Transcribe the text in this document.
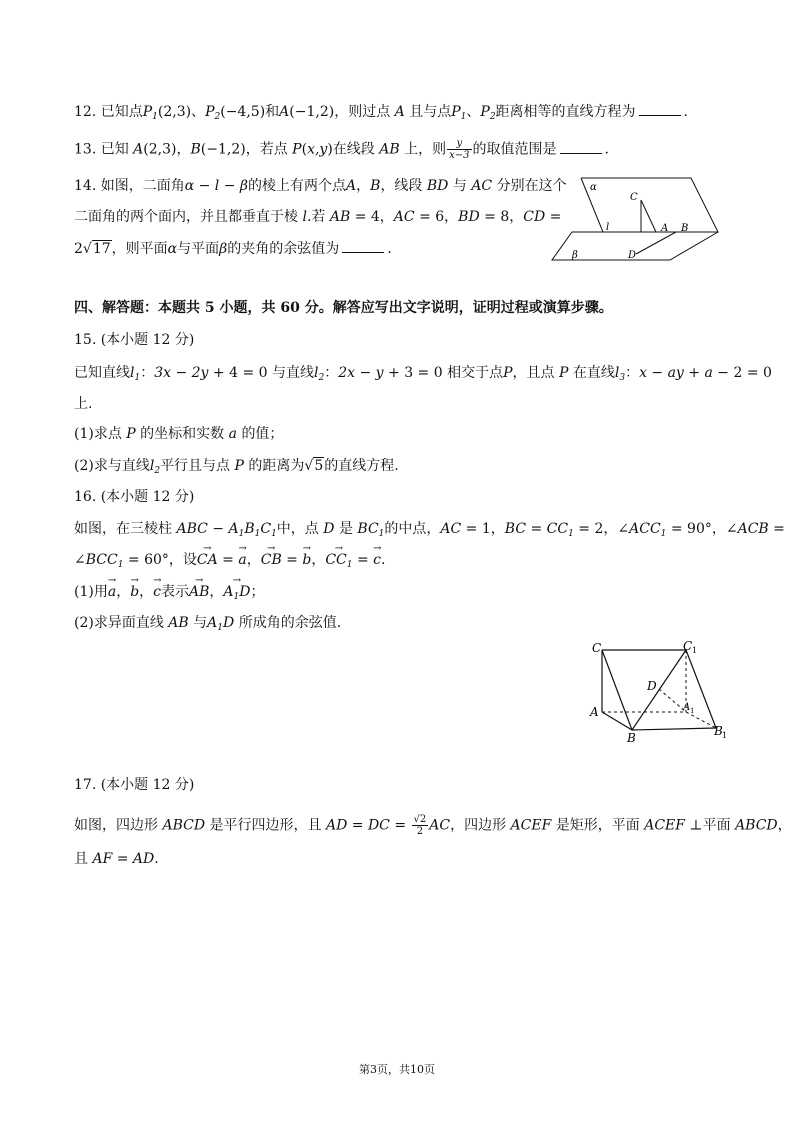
12. 已知点$P_1(2,3)$、$P_2(-4,5)$和A(−1,2)，则过点 A 且与点$P_1$、$P_2$距离相等的直线方程为	.
13. 已知 A(2,3)，B(−1,2)，若点 P(x,y)在线段 AB 上，则 $\frac{y}{x-3}$ 的取值范围是	.
14. 如图，二面角α − l − β的棱上有两个点A，B，线段 BD 与 AC 分别在这个
二面角的两个面内，并且都垂直于棱 l.若 AB = 4，AC = 6，BD = 8，CD =
2√17，则平面α与平面β的夹角的余弦值为	.
α
C
l	A B
β	D
四、解答题：本题共 5 小题，共 60 分。解答应写出文字说明，证明过程或演算步骤。
15. (本小题 12 分)
已知直线$l_1$：3x − 2y + 4 = 0 与直线$l_2$：2x − y + 3 = 0 相交于点P，且点 P 在直线$l_3$：x − ay + a − 2 = 0
上.
(1)求点 P 的坐标和实数 a 的值；
(2)求与直线$l_2$平行且与点 P 的距离为√5的直线方程.
16. (本小题 12 分)
如图，在三棱柱 ABC − $A_1B_1C_1$中，点 D 是 $BC_1$的中点，AC = 1，BC = $CC_1 = 2$，$\angle ACC_1 = 90^\circ$，∠ACB =
$\angle BCC_1 = 60^\circ$，设→ CA = → a，→ CB = → b，→ $CC_1$ = → c.
(1)用→ a，→ b，→ c表示→ AB，→ $A_1D$；
(2)求异面直线 AB 与$A_1D$ 所成角的余弦值.
C	C 1
D
A	A 1
B	B 1
17. (本小题 12 分)
如图，四边形 ABCD 是平行四边形，且 AD = DC = $\frac{√2}{2}$ AC，四边形 ACEF 是矩形，平面 ACEF ⊥平面 ABCD，
且 AF = AD.
第3页，共10页
